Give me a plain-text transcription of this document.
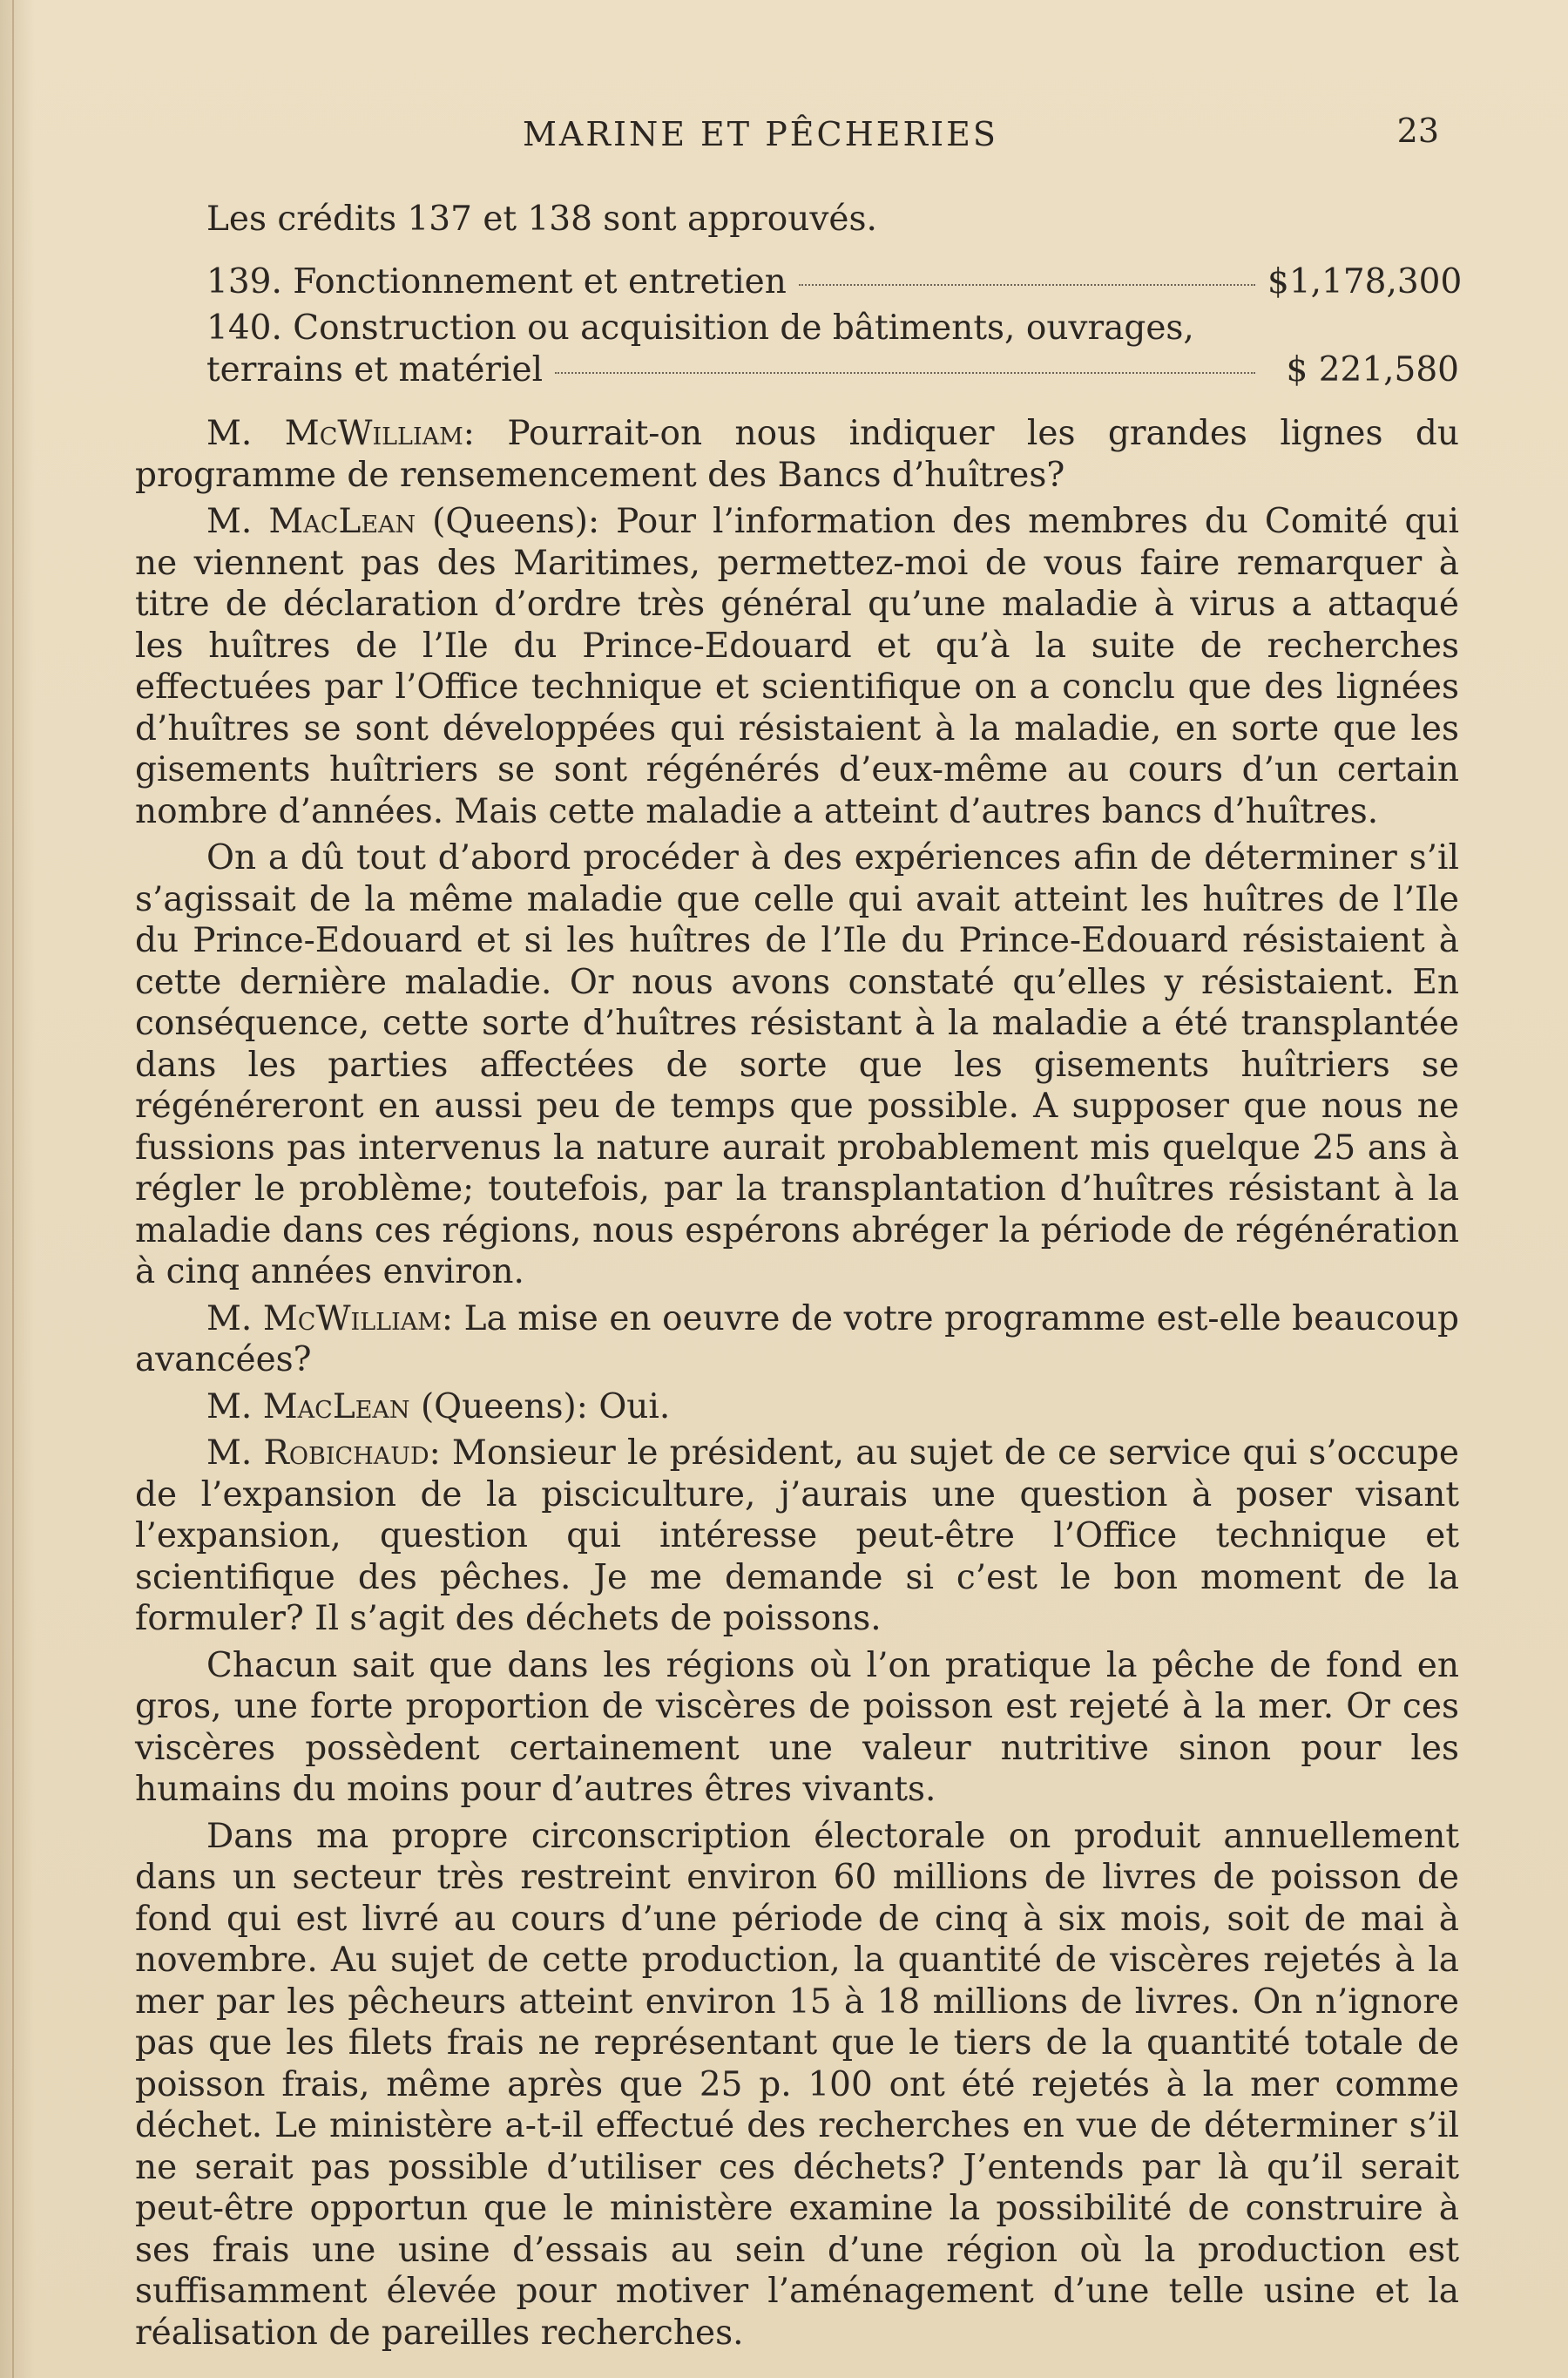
MARINE ET PÊCHERIES	23
Les crédits 137 et 138 sont approuvés.
139. Fonctionnement et entretien	$1,178,300
140. Construction ou acquisition de bâtiments, ouvrages,
terrains et matériel	$ 221,580

M. McWilliam: Pourrait-on nous indiquer les grandes lignes du programme de rensemencement des Bancs d’huîtres?

M. MacLean (Queens): Pour l’information des membres du Comité qui ne viennent pas des Maritimes, permettez-moi de vous faire remarquer à titre de déclaration d’ordre très général qu’une maladie à virus a attaqué les huîtres de l’Ile du Prince-Edouard et qu’à la suite de recherches effectuées par l’Office technique et scientifique on a conclu que des lignées d’huîtres se sont développées qui résistaient à la maladie, en sorte que les gisements huîtriers se sont régénérés d’eux-même au cours d’un certain nombre d’années. Mais cette maladie a atteint d’autres bancs d’huîtres.

On a dû tout d’abord procéder à des expériences afin de déterminer s’il s’agissait de la même maladie que celle qui avait atteint les huîtres de l’Ile du Prince-Edouard et si les huîtres de l’Ile du Prince-Edouard résistaient à cette dernière maladie. Or nous avons constaté qu’elles y résistaient. En conséquence, cette sorte d’huîtres résistant à la maladie a été transplantée dans les parties affectées de sorte que les gisements huîtriers se régénéreront en aussi peu de temps que possible. A supposer que nous ne fussions pas intervenus la nature aurait probablement mis quelque 25 ans à régler le problème; toutefois, par la transplantation d’huîtres résistant à la maladie dans ces régions, nous espérons abréger la période de régénération à cinq années environ.

M. McWilliam: La mise en oeuvre de votre programme est-elle beaucoup avancées?

M. MacLean (Queens): Oui.

M. Robichaud: Monsieur le président, au sujet de ce service qui s’occupe de l’expansion de la pisciculture, j’aurais une question à poser visant l’expansion, question qui intéresse peut-être l’Office technique et scientifique des pêches. Je me demande si c’est le bon moment de la formuler? Il s’agit des déchets de poissons.

Chacun sait que dans les régions où l’on pratique la pêche de fond en gros, une forte proportion de viscères de poisson est rejeté à la mer. Or ces viscères possèdent certainement une valeur nutritive sinon pour les humains du moins pour d’autres êtres vivants.

Dans ma propre circonscription électorale on produit annuellement dans un secteur très restreint environ 60 millions de livres de poisson de fond qui est livré au cours d’une période de cinq à six mois, soit de mai à novembre. Au sujet de cette production, la quantité de viscères rejetés à la mer par les pêcheurs atteint environ 15 à 18 millions de livres. On n’ignore pas que les filets frais ne représentant que le tiers de la quantité totale de poisson frais, même après que 25 p. 100 ont été rejetés à la mer comme déchet. Le ministère a-t-il effectué des recherches en vue de déterminer s’il ne serait pas possible d’utiliser ces déchets? J’entends par là qu’il serait peut-être opportun que le ministère examine la possibilité de construire à ses frais une usine d’essais au sein d’une région où la production est suffisamment élevée pour motiver l’aménagement d’une telle usine et la réalisation de pareilles recherches.
